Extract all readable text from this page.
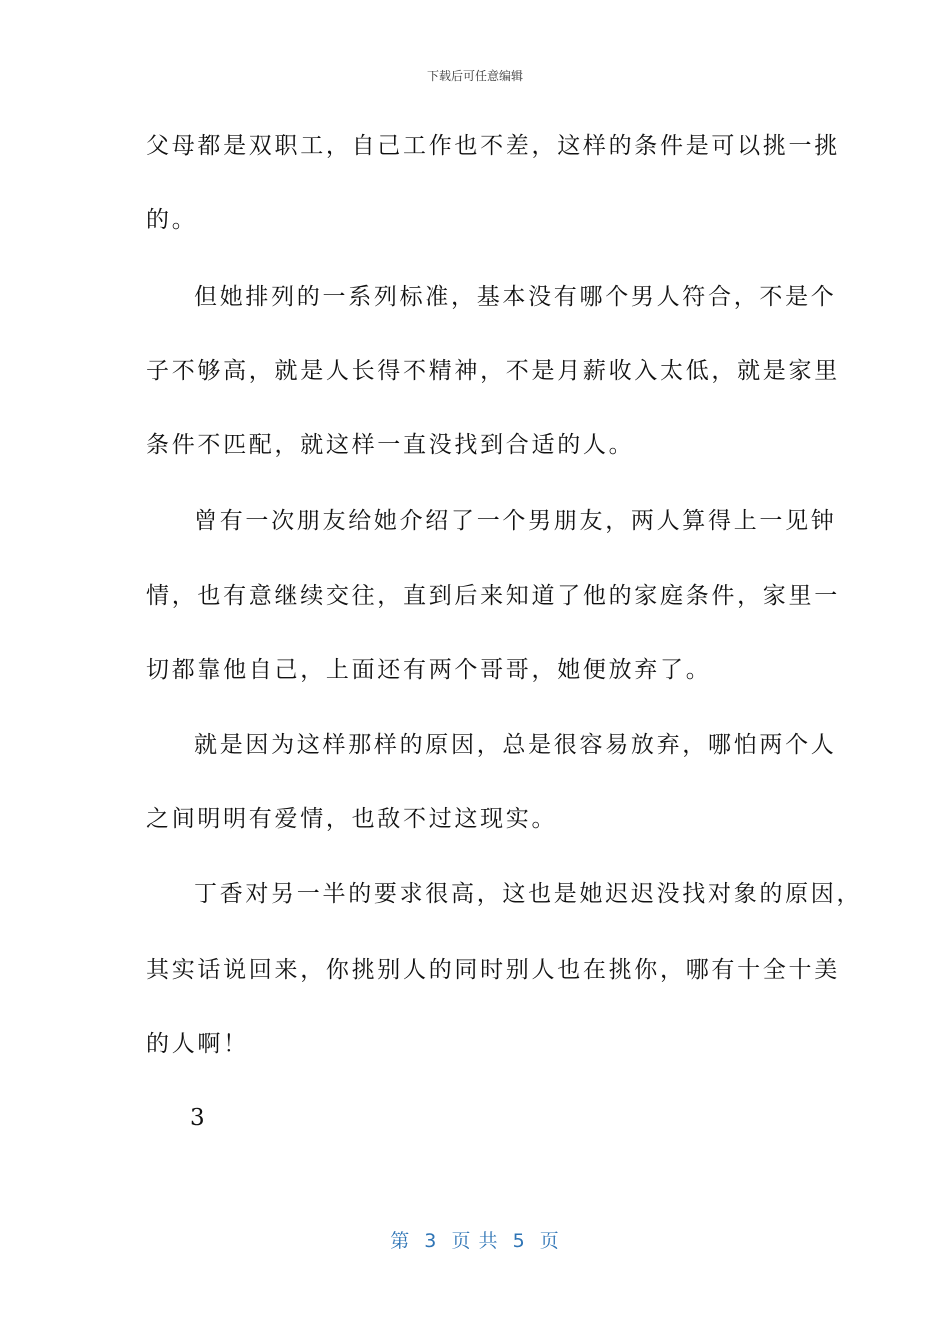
下载后可任意编辑
父母都是双职工，自己工作也不差，这样的条件是可以挑一挑
的。
但她排列的一系列标准，基本没有哪个男人符合，不是个
子不够高，就是人长得不精神，不是月薪收入太低，就是家里
条件不匹配，就这样一直没找到合适的人。
曾有一次朋友给她介绍了一个男朋友，两人算得上一见钟
情，也有意继续交往，直到后来知道了他的家庭条件，家里一
切都靠他自己，上面还有两个哥哥，她便放弃了。
就是因为这样那样的原因，总是很容易放弃，哪怕两个人
之间明明有爱情，也敌不过这现实。
丁香对另一半的要求很高，这也是她迟迟没找对象的原因，
其实话说回来，你挑别人的同时别人也在挑你，哪有十全十美
的人啊！
3
第  3  页 共  5  页
